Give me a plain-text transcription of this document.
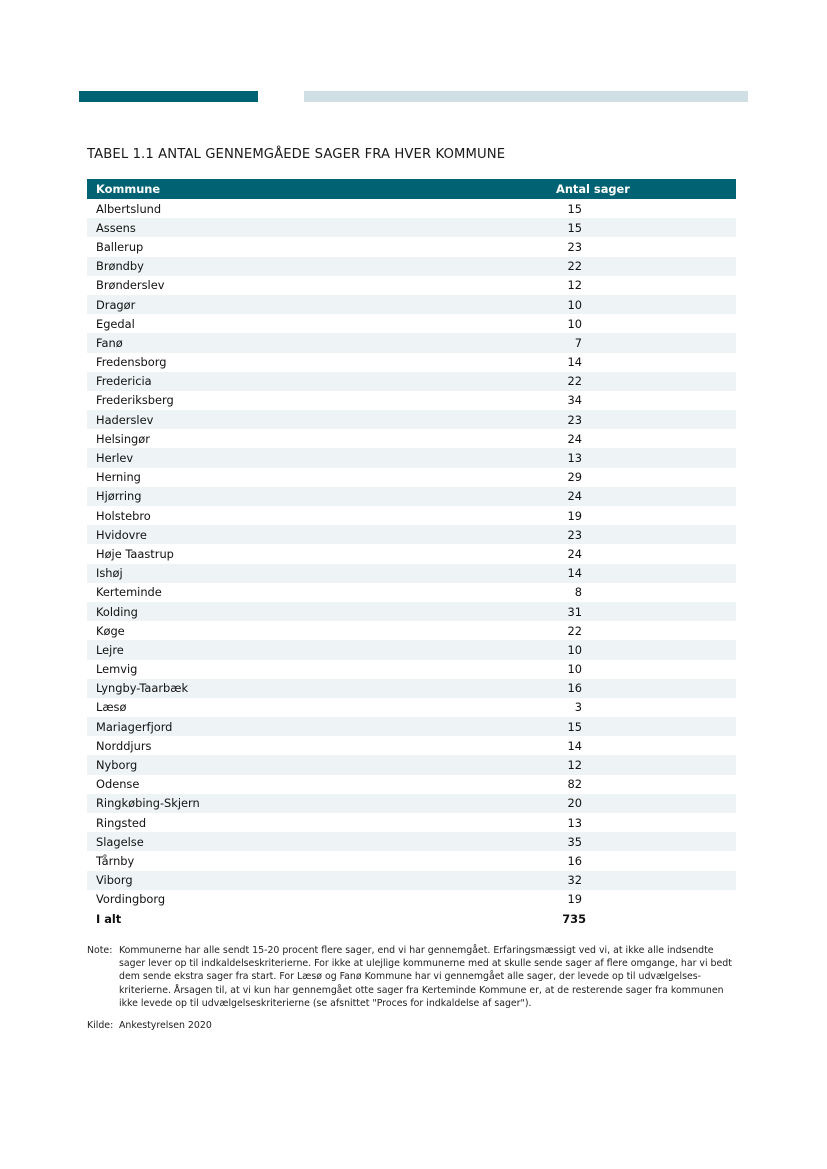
TABEL 1.1 ANTAL GENNEMGÅEDE SAGER FRA HVER KOMMUNE
Kommune	Antal sager
Albertslund	15
Assens	15
Ballerup	23
Brøndby	22
Brønderslev	12
Dragør	10
Egedal	10
Fanø	7
Fredensborg	14
Fredericia	22
Frederiksberg	34
Haderslev	23
Helsingør	24
Herlev	13
Herning	29
Hjørring	24
Holstebro	19
Hvidovre	23
Høje Taastrup	24
Ishøj	14
Kerteminde	8
Kolding	31
Køge	22
Lejre	10
Lemvig	10
Lyngby-Taarbæk	16
Læsø	3
Mariagerfjord	15
Norddjurs	14
Nyborg	12
Odense	82
Ringkøbing-Skjern	20
Ringsted	13
Slagelse	35
Tårnby	16
Viborg	32
Vordingborg	19
I alt	735
Note: Kommunerne har alle sendt 15-20 procent flere sager, end vi har gennemgået. Erfaringsmæssigt ved vi, at ikke alle indsendte sager lever op til indkaldelseskriterierne. For ikke at ulejlige kommunerne med at skulle sende sager af flere omgange, har vi bedt dem sende ekstra sager fra start. For Læsø og Fanø Kommune har vi gennemgået alle sager, der levede op til udvælgelses-kriterierne. Årsagen til, at vi kun har gennemgået otte sager fra Kerteminde Kommune er, at de resterende sager fra kommunen ikke levede op til udvælgelseskriterierne (se afsnittet "Proces for indkaldelse af sager").
Kilde: Ankestyrelsen 2020
